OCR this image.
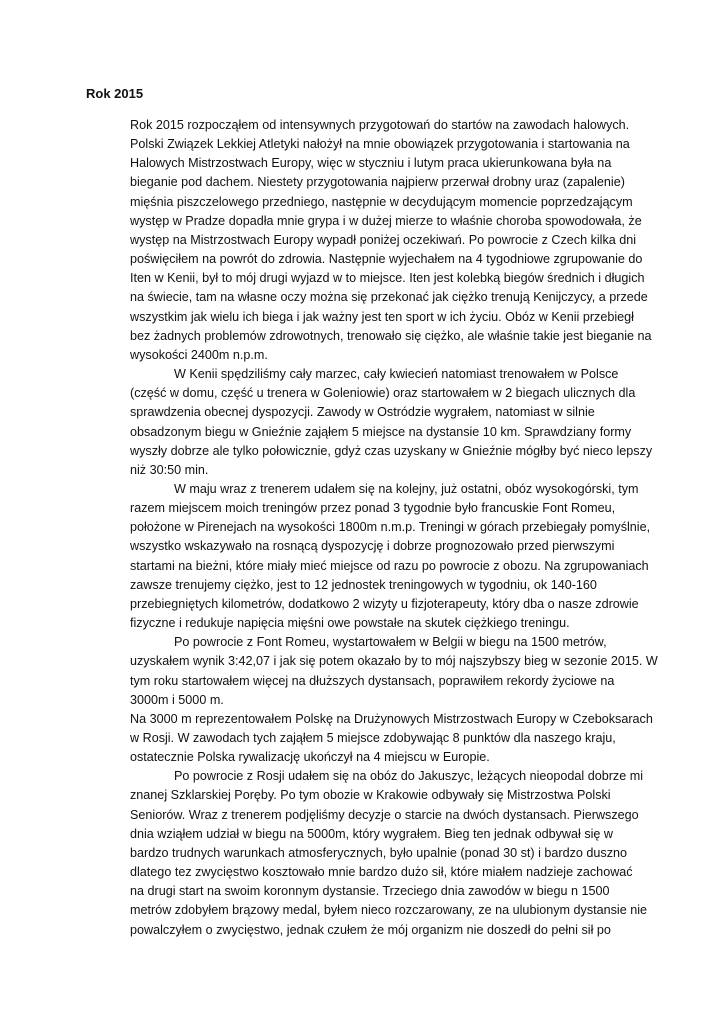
Rok 2015
Rok 2015 rozpocząłem od intensywnych przygotowań do startów na zawodach halowych.
Polski Związek Lekkiej Atletyki nałożył na mnie obowiązek przygotowania i startowania na
Halowych Mistrzostwach Europy, więc w styczniu i lutym praca ukierunkowana była na
bieganie pod dachem. Niestety przygotowania najpierw przerwał drobny uraz (zapalenie)
mięśnia piszczelowego przedniego, następnie w decydującym momencie poprzedzającym
występ w Pradze dopadła mnie grypa i w dużej mierze to właśnie choroba spowodowała, że
występ na Mistrzostwach Europy wypadł poniżej oczekiwań. Po powrocie z Czech kilka dni
poświęciłem na powrót do zdrowia. Następnie wyjechałem na 4 tygodniowe zgrupowanie do
Iten w Kenii, był to mój drugi wyjazd w to miejsce. Iten jest kolebką biegów średnich i długich
na świecie, tam na własne oczy można się przekonać jak ciężko trenują Kenijczycy, a przede
wszystkim jak wielu ich biega i jak ważny jest ten sport w ich życiu. Obóz w Kenii przebiegł
bez żadnych problemów zdrowotnych, trenowało się ciężko, ale właśnie takie jest bieganie na
wysokości 2400m n.p.m.
W Kenii spędziliśmy cały marzec, cały kwiecień natomiast trenowałem w Polsce
(część w domu, część u trenera w Goleniowie) oraz startowałem w 2 biegach ulicznych dla
sprawdzenia obecnej dyspozycji. Zawody w Ostródzie wygrałem, natomiast w silnie
obsadzonym biegu w Gnieźnie zająłem 5 miejsce na dystansie 10 km. Sprawdziany formy
wyszły dobrze ale tylko połowicznie, gdyż czas uzyskany w Gnieźnie mógłby być nieco lepszy
niż 30:50 min.
W maju wraz z trenerem udałem się na kolejny, już ostatni, obóz wysokogórski, tym
razem miejscem moich treningów przez ponad 3 tygodnie było francuskie Font Romeu,
położone w Pirenejach na wysokości 1800m n.m.p. Treningi w górach przebiegały pomyślnie,
wszystko wskazywało na rosnącą dyspozycję i dobrze prognozowało przed pierwszymi
startami na bieżni, które miały mieć miejsce od razu po powrocie z obozu. Na zgrupowaniach
zawsze trenujemy ciężko, jest to 12 jednostek treningowych w tygodniu, ok 140-160
przebiegniętych kilometrów, dodatkowo 2 wizyty u fizjoterapeuty, który dba o nasze zdrowie
fizyczne i redukuje napięcia mięśni owe powstałe na skutek ciężkiego treningu.
Po powrocie z Font Romeu, wystartowałem w Belgii w biegu na 1500 metrów,
uzyskałem wynik 3:42,07 i jak się potem okazało by to mój najszybszy bieg w sezonie 2015. W
tym roku startowałem więcej na dłuższych dystansach, poprawiłem rekordy życiowe na
3000m i 5000 m.
Na 3000 m reprezentowałem Polskę na Drużynowych Mistrzostwach Europy w Czeboksarach
w Rosji. W zawodach tych zająłem 5 miejsce zdobywając 8 punktów dla naszego kraju,
ostatecznie Polska rywalizację ukończył na 4 miejscu w Europie.
Po powrocie z Rosji udałem się na obóz do Jakuszyc, leżących nieopodal dobrze mi
znanej Szklarskiej Poręby. Po tym obozie w Krakowie odbywały się Mistrzostwa Polski
Seniorów. Wraz z trenerem podjęliśmy decyzje o starcie na dwóch dystansach. Pierwszego
dnia wziąłem udział w biegu na 5000m, który wygrałem. Bieg ten jednak odbywał się w
bardzo trudnych warunkach atmosferycznych, było upalnie (ponad 30 st) i bardzo duszno
dlatego tez zwycięstwo kosztowało mnie bardzo dużo sił, które miałem nadzieje zachować
na drugi start na swoim koronnym dystansie. Trzeciego dnia zawodów w biegu n 1500
metrów zdobyłem brązowy medal, byłem nieco rozczarowany, ze na ulubionym dystansie nie
powalczyłem o zwycięstwo, jednak czułem że mój organizm nie doszedł do pełni sił po
